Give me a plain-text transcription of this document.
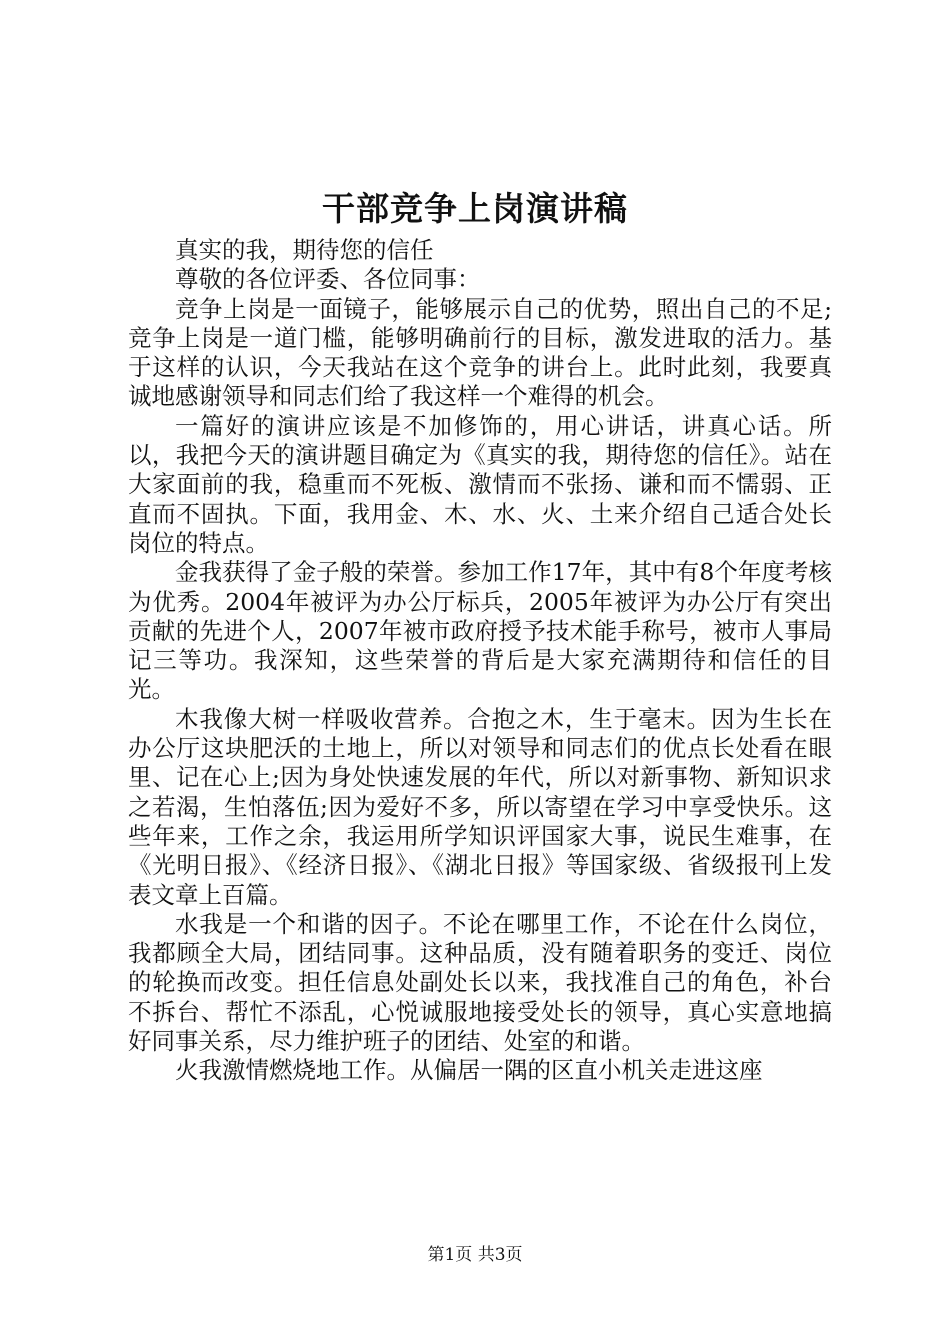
干部竞争上岗演讲稿

真实的我，期待您的信任

尊敬的各位评委、各位同事：

竞争上岗是一面镜子，能够展示自己的优势，照出自己的不足;竞争上岗是一道门槛，能够明确前行的目标，激发进取的活力。基于这样的认识，今天我站在这个竞争的讲台上。此时此刻，我要真诚地感谢领导和同志们给了我这样一个难得的机会。

一篇好的演讲应该是不加修饰的，用心讲话，讲真心话。所以，我把今天的演讲题目确定为《真实的我，期待您的信任》。站在大家面前的我，稳重而不死板、激情而不张扬、谦和而不懦弱、正直而不固执。下面，我用金、木、水、火、土来介绍自己适合处长岗位的特点。

金我获得了金子般的荣誉。参加工作17年，其中有8个年度考核为优秀。2004年被评为办公厅标兵，2005年被评为办公厅有突出贡献的先进个人，2007年被市政府授予技术能手称号，被市人事局记三等功。我深知，这些荣誉的背后是大家充满期待和信任的目光。

木我像大树一样吸收营养。合抱之木，生于毫末。因为生长在办公厅这块肥沃的土地上，所以对领导和同志们的优点长处看在眼里、记在心上;因为身处快速发展的年代，所以对新事物、新知识求之若渴，生怕落伍;因为爱好不多，所以寄望在学习中享受快乐。这些年来，工作之余，我运用所学知识评国家大事，说民生难事，在《光明日报》、《经济日报》、《湖北日报》等国家级、省级报刊上发表文章上百篇。

水我是一个和谐的因子。不论在哪里工作，不论在什么岗位，我都顾全大局，团结同事。这种品质，没有随着职务的变迁、岗位的轮换而改变。担任信息处副处长以来，我找准自己的角色，补台不拆台、帮忙不添乱，心悦诚服地接受处长的领导，真心实意地搞好同事关系，尽力维护班子的团结、处室的和谐。

火我激情燃烧地工作。从偏居一隅的区直小机关走进这座

第1页 共3页
